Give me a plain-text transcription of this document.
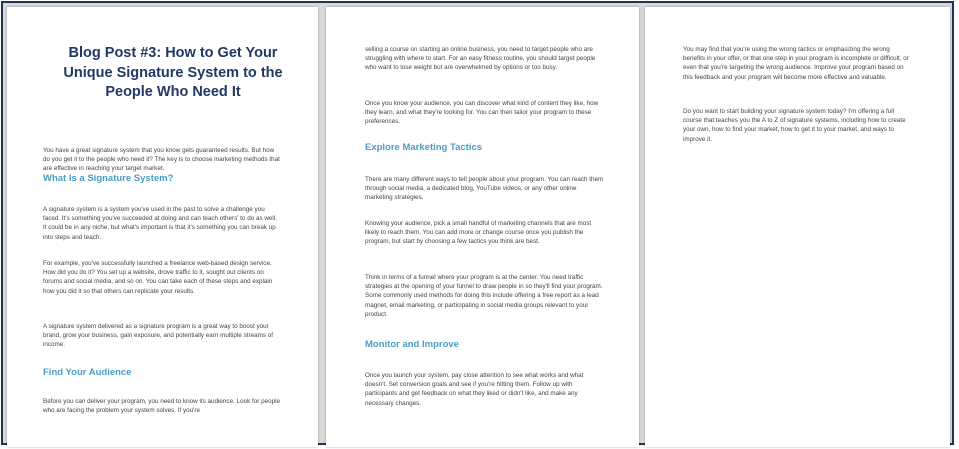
Blog Post #3: How to Get Your Unique Signature System to the People Who Need It

You have a great signature system that you know gets guaranteed results. But how do you get it to the people who need it? The key is to choose marketing methods that are effective in reaching your target market.

What Is a Signature System?

A signature system is a system you've used in the past to solve a challenge you faced. It's something you've succeeded at doing and can teach others' to do as well. It could be in any niche, but what's important is that it's something you can break up into steps and teach.

For example, you've successfully launched a freelance web-based design service. How did you do it? You set up a website, drove traffic to it, sought out clients on forums and social media, and so on. You can take each of these steps and explain how you did it so that others can replicate your results.

A signature system delivered as a signature program is a great way to boost your brand, grow your business, gain exposure, and potentially earn multiple streams of income.

Find Your Audience

Before you can deliver your program, you need to know its audience. Look for people who are facing the problem your system solves. If you're

selling a course on starting an online business, you need to target people who are struggling with where to start. For an easy fitness routine, you should target people who want to lose weight but are overwhelmed by options or too busy.

Once you know your audience, you can discover what kind of content they like, how they learn, and what they're looking for. You can then tailor your program to these preferences.

Explore Marketing Tactics

There are many different ways to tell people about your program. You can reach them through social media, a dedicated blog, YouTube videos, or any other online marketing strategies.

Knowing your audience, pick a small handful of marketing channels that are most likely to reach them. You can add more or change course once you publish the program, but start by choosing a few tactics you think are best.

Think in terms of a funnel where your program is at the center. You need traffic strategies at the opening of your funnel to draw people in so they'll find your program. Some commonly used methods for doing this include offering a free report as a lead magnet, email marketing, or participating in social media groups relevant to your product.

Monitor and Improve

Once you launch your system, pay close attention to see what works and what doesn't. Set conversion goals and see if you're hitting them. Follow up with participants and get feedback on what they liked or didn't like, and make any necessary changes.

You may find that you're using the wrong tactics or emphasizing the wrong benefits in your offer, or that one step in your program is incomplete or difficult, or even that you're targeting the wrong audience. Improve your program based on this feedback and your program will become more effective and valuable.

Do you want to start building your signature system today? I'm offering a full course that teaches you the A to Z of signature systems, including how to create your own, how to find your market, how to get it to your market, and ways to improve it.
